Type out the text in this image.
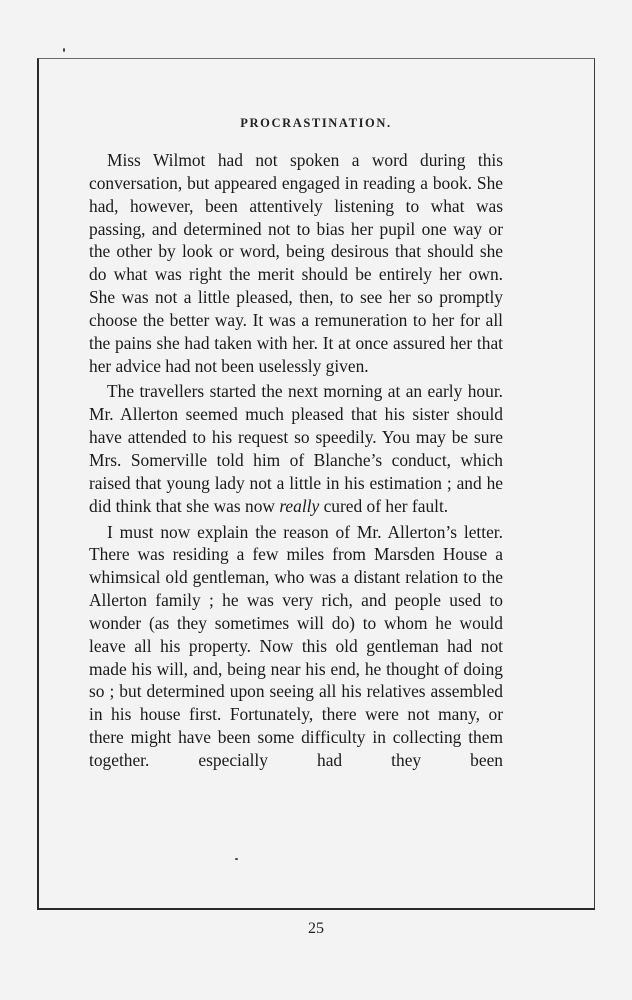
PROCRASTINATION.

Miss Wilmot had not spoken a word during this conversation, but appeared engaged in reading a book. She had, however, been attentively listening to what was passing, and determined not to bias her pupil one way or the other by look or word, being desirous that should she do what was right the merit should be entirely her own. She was not a little pleased, then, to see her so promptly choose the better way. It was a remuneration to her for all the pains she had taken with her. It at once assured her that her advice had not been uselessly given.

The travellers started the next morning at an early hour. Mr. Allerton seemed much pleased that his sister should have attended to his request so speedily. You may be sure Mrs. Somerville told him of Blanche’s conduct, which raised that young lady not a little in his estimation ; and he did think that she was now really cured of her fault.

I must now explain the reason of Mr. Allerton’s letter. There was residing a few miles from Marsden House a whimsical old gentleman, who was a distant relation to the Allerton family ; he was very rich, and people used to wonder (as they sometimes will do) to whom he would leave all his property. Now this old gentleman had not made his will, and, being near his end, he thought of doing so ; but determined upon seeing all his relatives assembled in his house first. Fortunately, there were not many, or there might have been some difficulty in collecting them together. especially had they been

25
